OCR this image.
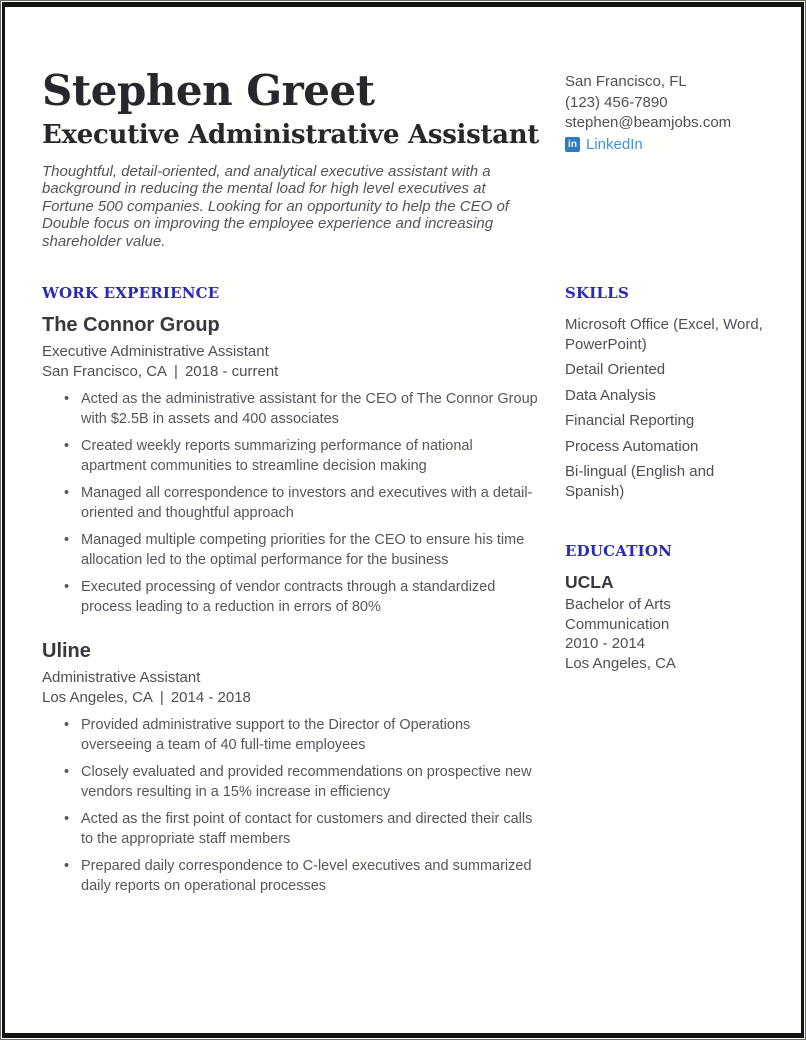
Stephen Greet
Executive Administrative Assistant

Thoughtful, detail-oriented, and analytical executive assistant with a background in reducing the mental load for high level executives at Fortune 500 companies. Looking for an opportunity to help the CEO of Double focus on improving the employee experience and increasing shareholder value.

San Francisco, FL

(123) 456-7890

stephen@beamjobs.com

in LinkedIn
WORK EXPERIENCE
The Connor Group

Executive Administrative Assistant

San Francisco, CA | 2018 - current

• Acted as the administrative assistant for the CEO of The Connor Group with $2.5B in assets and 400 associates
• Created weekly reports summarizing performance of national apartment communities to streamline decision making
• Managed all correspondence to investors and executives with a detail-oriented and thoughtful approach
• Managed multiple competing priorities for the CEO to ensure his time allocation led to the optimal performance for the business
• Executed processing of vendor contracts through a standardized process leading to a reduction in errors of 80%
Uline

Administrative Assistant

Los Angeles, CA | 2014 - 2018

• Provided administrative support to the Director of Operations overseeing a team of 40 full-time employees
• Closely evaluated and provided recommendations on prospective new vendors resulting in a 15% increase in efficiency
• Acted as the first point of contact for customers and directed their calls to the appropriate staff members
• Prepared daily correspondence to C-level executives and summarized daily reports on operational processes
SKILLS
Microsoft Office (Excel, Word, PowerPoint)
Detail Oriented
Data Analysis
Financial Reporting
Process Automation
Bi-lingual (English and Spanish)
EDUCATION

UCLA

Bachelor of Arts

Communication

2010 - 2014

Los Angeles, CA
